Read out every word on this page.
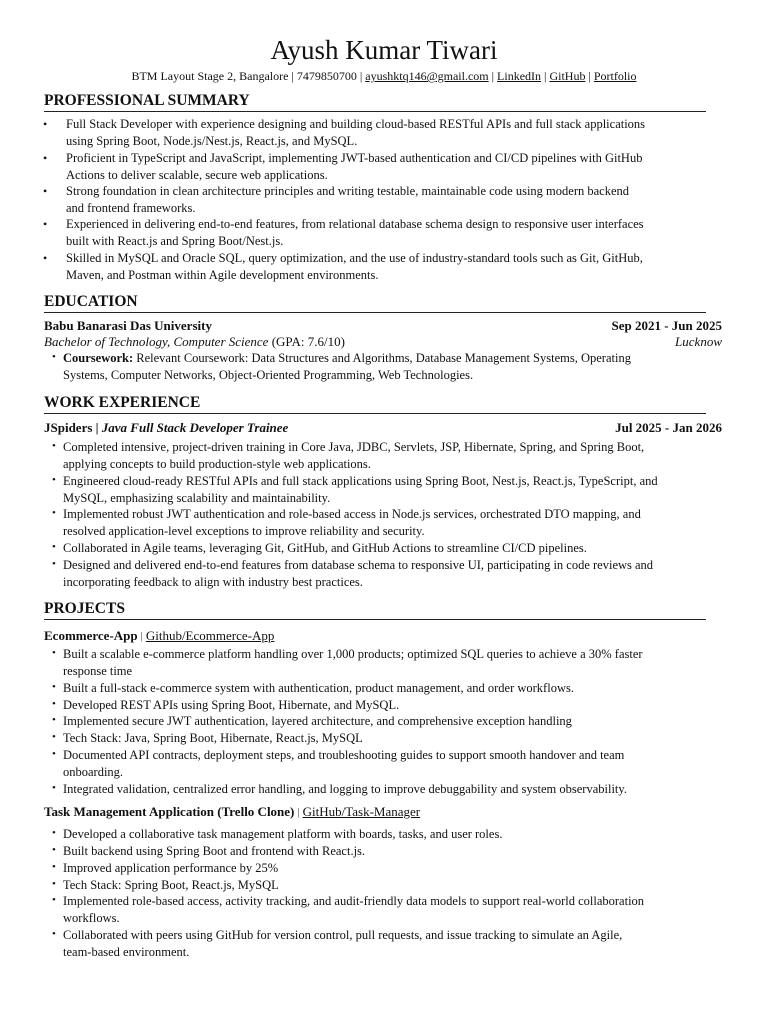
Ayush Kumar Tiwari
BTM Layout Stage 2, Bangalore | 7479850700 | ayushktq146@gmail.com | LinkedIn | GitHub | Portfolio
PROFESSIONAL SUMMARY
• Full Stack Developer with experience designing and building cloud-based RESTful APIs and full stack applications
using Spring Boot, Node.js/Nest.js, React.js, and MySQL.
• Proficient in TypeScript and JavaScript, implementing JWT-based authentication and CI/CD pipelines with GitHub
Actions to deliver scalable, secure web applications.
• Strong foundation in clean architecture principles and writing testable, maintainable code using modern backend
and frontend frameworks.
• Experienced in delivering end-to-end features, from relational database schema design to responsive user interfaces
built with React.js and Spring Boot/Nest.js.
• Skilled in MySQL and Oracle SQL, query optimization, and the use of industry-standard tools such as Git, GitHub,
Maven, and Postman within Agile development environments.
EDUCATION
Babu Banarasi Das University	Sep 2021 - Jun 2025
Bachelor of Technology, Computer Science (GPA: 7.6/10)	Lucknow
• Coursework: Relevant Coursework: Data Structures and Algorithms, Database Management Systems, Operating
Systems, Computer Networks, Object-Oriented Programming, Web Technologies.
WORK EXPERIENCE
JSpiders | Java Full Stack Developer Trainee	Jul 2025 - Jan 2026
• Completed intensive, project-driven training in Core Java, JDBC, Servlets, JSP, Hibernate, Spring, and Spring Boot,
applying concepts to build production-style web applications.
• Engineered cloud-ready RESTful APIs and full stack applications using Spring Boot, Nest.js, React.js, TypeScript, and
MySQL, emphasizing scalability and maintainability.
• Implemented robust JWT authentication and role-based access in Node.js services, orchestrated DTO mapping, and
resolved application-level exceptions to improve reliability and security.
• Collaborated in Agile teams, leveraging Git, GitHub, and GitHub Actions to streamline CI/CD pipelines.
• Designed and delivered end-to-end features from database schema to responsive UI, participating in code reviews and
incorporating feedback to align with industry best practices.
PROJECTS
Ecommerce-App | Github/Ecommerce-App
• Built a scalable e-commerce platform handling over 1,000 products; optimized SQL queries to achieve a 30% faster
response time
• Built a full-stack e-commerce system with authentication, product management, and order workflows.
• Developed REST APIs using Spring Boot, Hibernate, and MySQL.
• Implemented secure JWT authentication, layered architecture, and comprehensive exception handling
• Tech Stack: Java, Spring Boot, Hibernate, React.js, MySQL
• Documented API contracts, deployment steps, and troubleshooting guides to support smooth handover and team
onboarding.
• Integrated validation, centralized error handling, and logging to improve debuggability and system observability.
Task Management Application (Trello Clone) | GitHub/Task-Manager
• Developed a collaborative task management platform with boards, tasks, and user roles.
• Built backend using Spring Boot and frontend with React.js.
• Improved application performance by 25%
• Tech Stack: Spring Boot, React.js, MySQL
• Implemented role-based access, activity tracking, and audit-friendly data models to support real-world collaboration
workflows.
• Collaborated with peers using GitHub for version control, pull requests, and issue tracking to simulate an Agile,
team-based environment.
